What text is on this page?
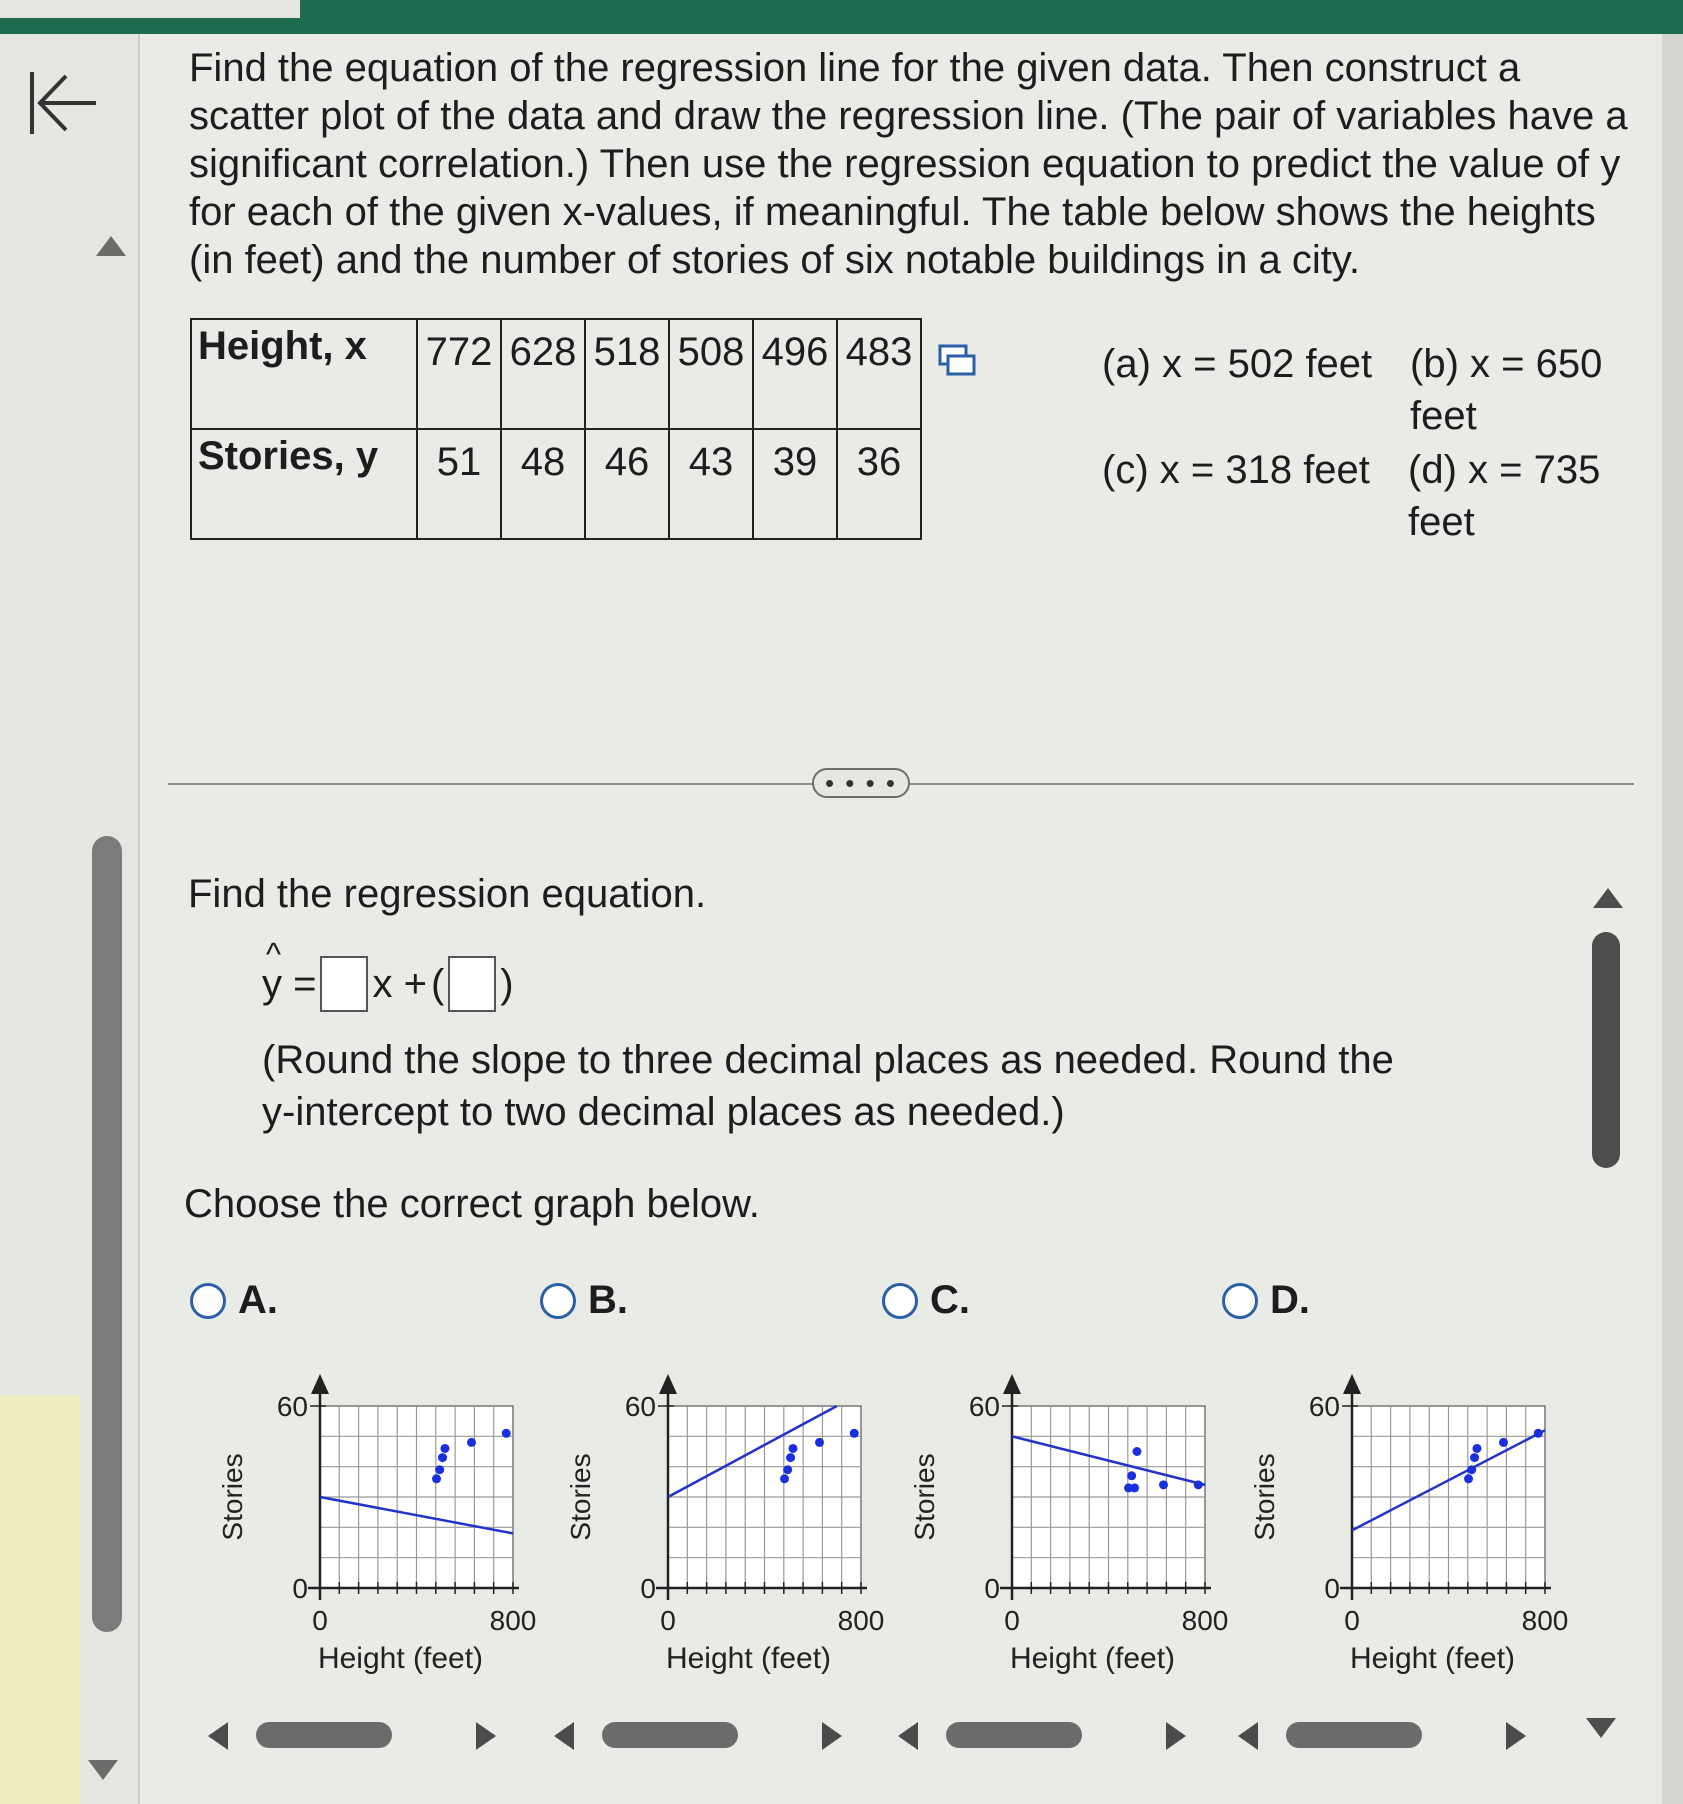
Find the equation of the regression line for the given data. Then construct a scatter plot of the data and draw the regression line. (The pair of variables have a significant correlation.) Then use the regression equation to predict the value of y for each of the given x-values, if meaningful. The table below shows the heights (in feet) and the number of stories of six notable buildings in a city.

Height, x	772	628	518	508	496	483
Stories, y	51	48	46	43	39	36
(a) x = 502 feet (b) x = 650
feet
(c) x = 318 feet (d) x = 735
feet
• • • •
Find the regression equation.
^ y = x + ( )
(Round the slope to three decimal places as needed. Round the y-intercept to two decimal places as needed.)
Choose the correct graph below.
A.	B.	C.	D.
60
0
0	800
Height (feet)
Stories
60
0
0	800
Height (feet)
Stories
60
0
0	800
Height (feet)
Stories
60
0
0	800
Height (feet)
Stories
